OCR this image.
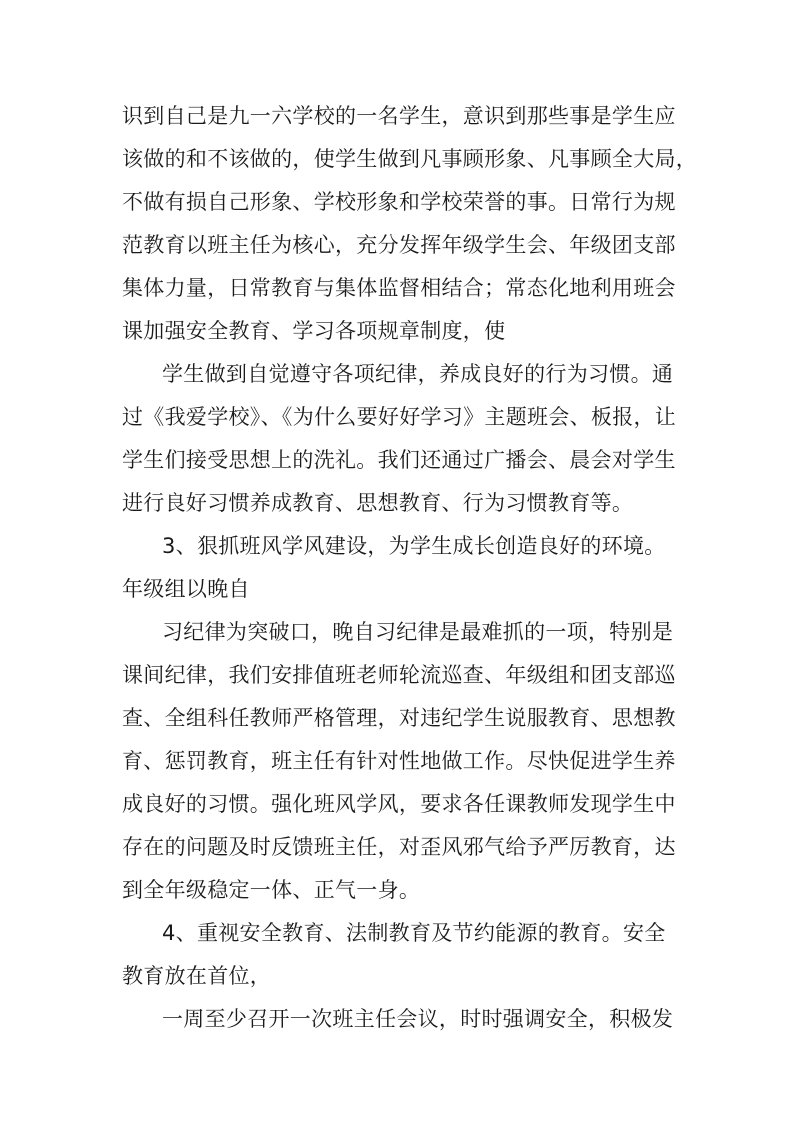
识到自己是九一六学校的一名学生，意识到那些事是学生应
该做的和不该做的，使学生做到凡事顾形象、凡事顾全大局，
不做有损自己形象、学校形象和学校荣誉的事。日常行为规
范教育以班主任为核心，充分发挥年级学生会、年级团支部
集体力量，日常教育与集体监督相结合；常态化地利用班会
课加强安全教育、学习各项规章制度，使
学生做到自觉遵守各项纪律，养成良好的行为习惯。通
过《我爱学校》、《为什么要好好学习》主题班会、板报，让
学生们接受思想上的洗礼。我们还通过广播会、晨会对学生
进行良好习惯养成教育、思想教育、行为习惯教育等。
3、狠抓班风学风建设，为学生成长创造良好的环境。
年级组以晚自
习纪律为突破口，晚自习纪律是最难抓的一项，特别是
课间纪律，我们安排值班老师轮流巡查、年级组和团支部巡
查、全组科任教师严格管理，对违纪学生说服教育、思想教
育、惩罚教育，班主任有针对性地做工作。尽快促进学生养
成良好的习惯。强化班风学风，要求各任课教师发现学生中
存在的问题及时反馈班主任，对歪风邪气给予严厉教育，达
到全年级稳定一体、正气一身。
4、重视安全教育、法制教育及节约能源的教育。安全
教育放在首位，
一周至少召开一次班主任会议，时时强调安全，积极发
